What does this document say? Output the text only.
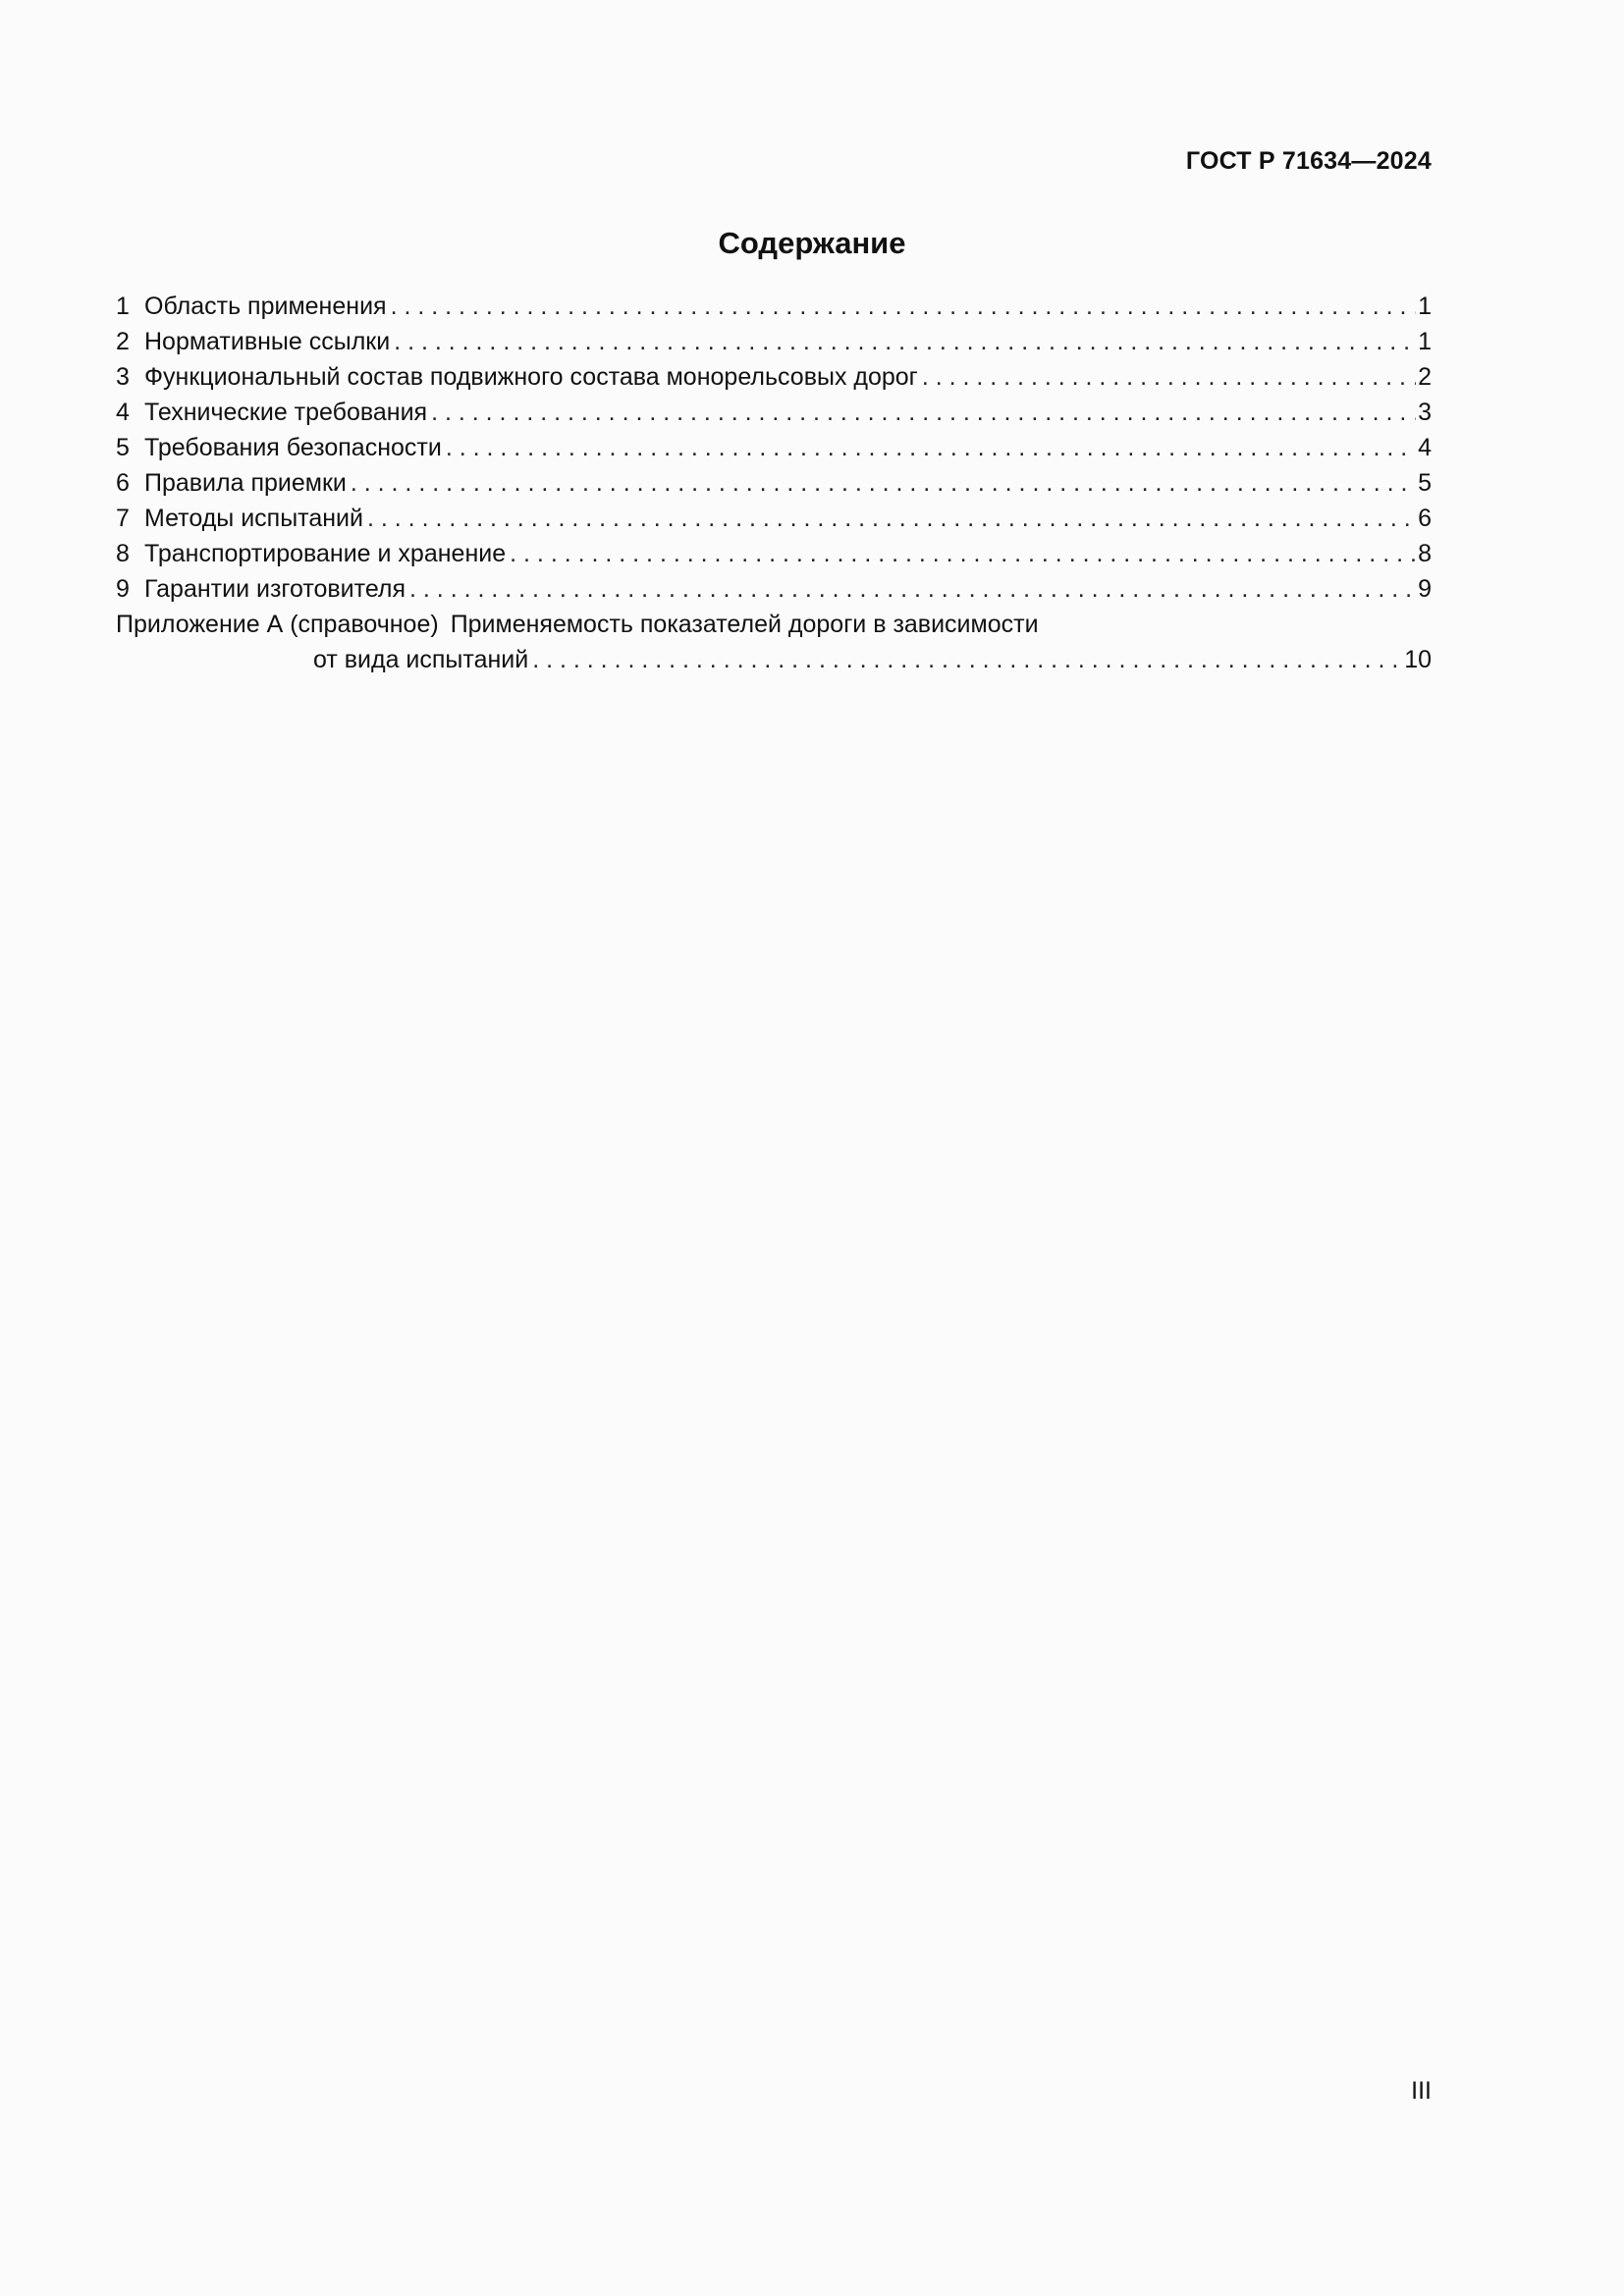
ГОСТ Р 71634—2024
Содержание
1 Область применения . . .	1
2 Нормативные ссылки . . .	1
3 Функциональный состав подвижного состава монорельсовых дорог . . .	2
4 Технические требования . . .	3
5 Требования безопасности . . .	4
6 Правила приемки . . .	5
7 Методы испытаний . . .	6
8 Транспортирование и хранение . . .	8
9 Гарантии изготовителя . . .	9
Приложение А (справочное) Применяемость показателей дороги в зависимости
от вида испытаний . . .	10
III
